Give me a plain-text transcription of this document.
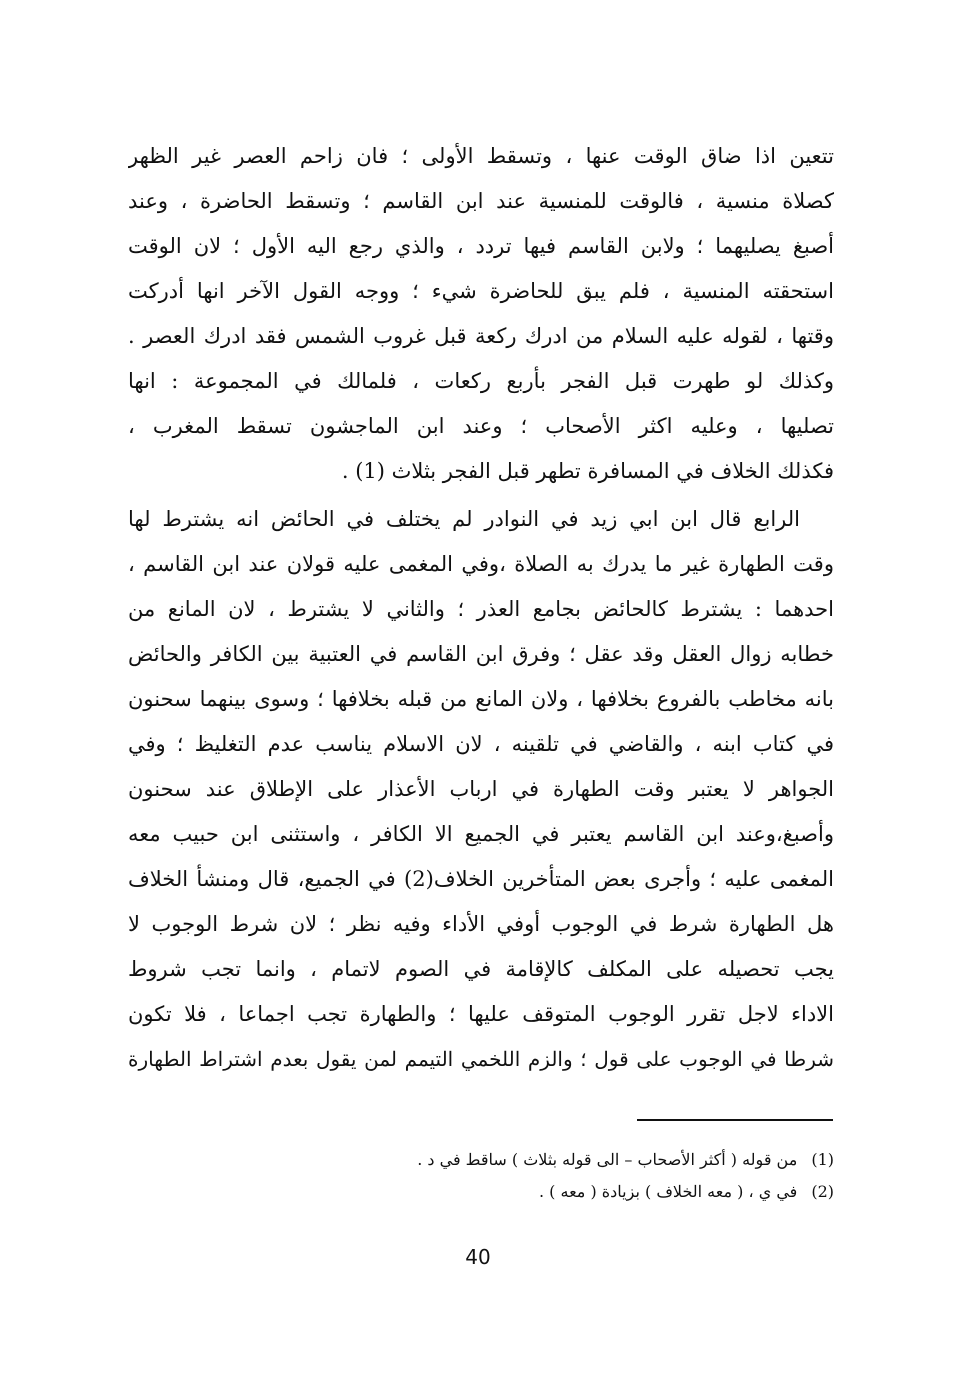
تتعين اذا ضاق الوقت عنها ، وتسقط الأولى ؛ فان زاحم العصر غير الظهر
كصلاة منسية ، فالوقت للمنسية عند ابن القاسم ؛ وتسقط الحاضرة ، وعند
أصبغ يصليهما ؛ ولابن القاسم فيها تردد ، والذي رجع اليه الأول ؛ لان الوقت
استحقته المنسية ، فلم يبق للحاضرة شيء ؛ ووجه القول الآخر انها أدركت
وقتها ، لقوله عليه السلام من ادرك ركعة قبل غروب الشمس فقد ادرك العصر .
وكذلك لو طهرت قبل الفجر بأربع ركعات ، فلمالك في المجموعة : انها
تصليها ، وعليه اكثر الأصحاب ؛ وعند ابن الماجشون تسقط المغرب ،
فكذلك الخلاف في المسافرة تطهر قبل الفجر بثلاث (1) .
الرابع قال ابن ابي زيد في النوادر لم يختلف في الحائض انه يشترط لها
وقت الطهارة غير ما يدرك به الصلاة ،وفي المغمى عليه قولان عند ابن القاسم ،
احدهما : يشترط كالحائض بجامع العذر ؛ والثاني لا يشترط ، لان المانع من
خطابه زوال العقل وقد عقل ؛ وفرق ابن القاسم في العتبية بين الكافر والحائض
بانه مخاطب بالفروع بخلافها ، ولان المانع من قبله بخلافها ؛ وسوى بينهما سحنون
في كتاب ابنه ، والقاضي في تلقينه ، لان الاسلام يناسب عدم التغليظ ؛ وفي
الجواهر لا يعتبر وقت الطهارة في ارباب الأعذار على الإطلاق عند سحنون
وأصبغ،وعند ابن القاسم يعتبر في الجميع الا الكافر ، واستثنى ابن حبيب معه
المغمى عليه ؛ وأجرى بعض المتأخرين الخلاف(2) في الجميع، قال ومنشأ الخلاف
هل الطهارة شرط في الوجوب أوفي الأداء وفيه نظر ؛ لان شرط الوجوب لا
يجب تحصيله على المكلف كالإقامة في الصوم لاتمام ، وانما تجب شروط
الاداء لاجل تقرر الوجوب المتوقف عليها ؛ والطهارة تجب اجماعا ، فلا تكون
شرطا في الوجوب على قول ؛ والزم اللخمي التيمم لمن يقول بعدم اشتراط الطهارة
(1)من قوله ( أكثر الأصحاب – الى قوله بثلاث ) ساقط في د .
(2)في ي ، ( معه الخلاف ) بزيادة ( معه ) .
40
